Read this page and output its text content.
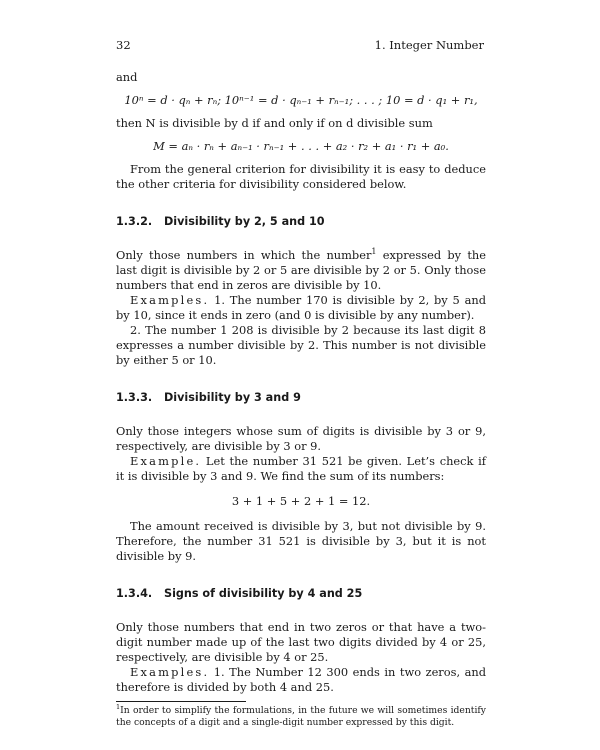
32	1. Integer Number

and

10ⁿ = d · qₙ + rₙ; 10ⁿ⁻¹ = d · qₙ₋₁ + rₙ₋₁; . . . ; 10 = d · q₁ + r₁,

then N is divisible by d if and only if on d divisible sum

M = aₙ · rₙ + aₙ₋₁ · rₙ₋₁ + . . . + a₂ · r₂ + a₁ · r₁ + a₀.

From the general criterion for divisibility it is easy to deduce the other criteria for divisibility considered below.

1.3.2. Divisibility by 2, 5 and 10

Only those numbers in which the number$^1$ expressed by the last digit is divisible by 2 or 5 are divisible by 2 or 5. Only those numbers that end in zeros are divisible by 10.

Examples. 1. The number 170 is divisible by 2, by 5 and by 10, since it ends in zero (and 0 is divisible by any number).

2. The number 1 208 is divisible by 2 because its last digit 8 expresses a number divisible by 2. This number is not divisible by either 5 or 10.

1.3.3. Divisibility by 3 and 9

Only those integers whose sum of digits is divisible by 3 or 9, respectively, are divisible by 3 or 9.

Example. Let the number 31 521 be given. Let’s check if it is divisible by 3 and 9. We find the sum of its numbers:

3 + 1 + 5 + 2 + 1 = 12.

The amount received is divisible by 3, but not divisible by 9. Therefore, the number 31 521 is divisible by 3, but it is not divisible by 9.

1.3.4. Signs of divisibility by 4 and 25

Only those numbers that end in two zeros or that have a two-digit number made up of the last two digits divided by 4 or 25, respectively, are divisible by 4 or 25.

Examples. 1. The Number 12 300 ends in two zeros, and therefore is divided by both 4 and 25.

$^1$In order to simplify the formulations, in the future we will sometimes identify the concepts of a digit and a single-digit number expressed by this digit.
